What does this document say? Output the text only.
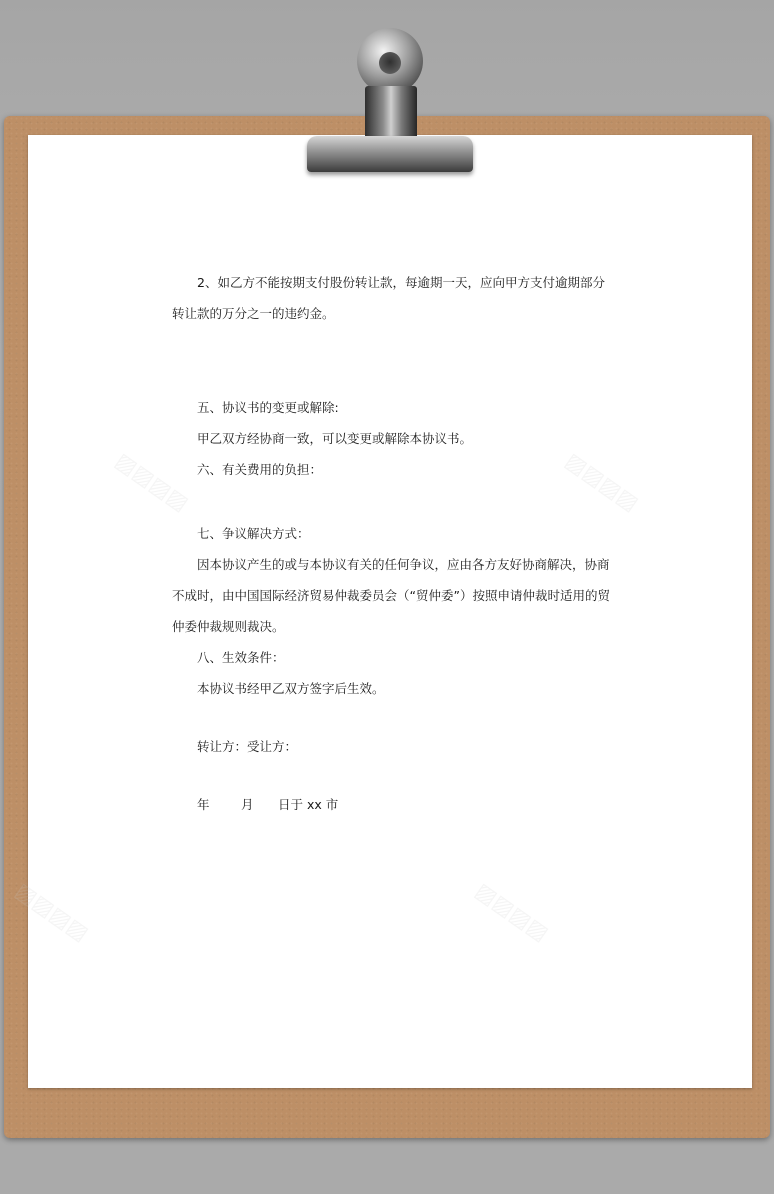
2、如乙方不能按期支付股份转让款，每逾期一天，应向甲方支付逾期部分
转让款的万分之一的违约金。
五、协议书的变更或解除:
甲乙双方经协商一致，可以变更或解除本协议书。
六、有关费用的负担：
七、争议解决方式：
因本协议产生的或与本协议有关的任何争议，应由各方友好协商解决，协商
不成时，由中国国际经济贸易仲裁委员会（“贸仲委”）按照申请仲裁时适用的贸
仲委仲裁规则裁决。
八、生效条件：
本协议书经甲乙双方签字后生效。
转让方：受让方：
年	月 日于 xx 市
